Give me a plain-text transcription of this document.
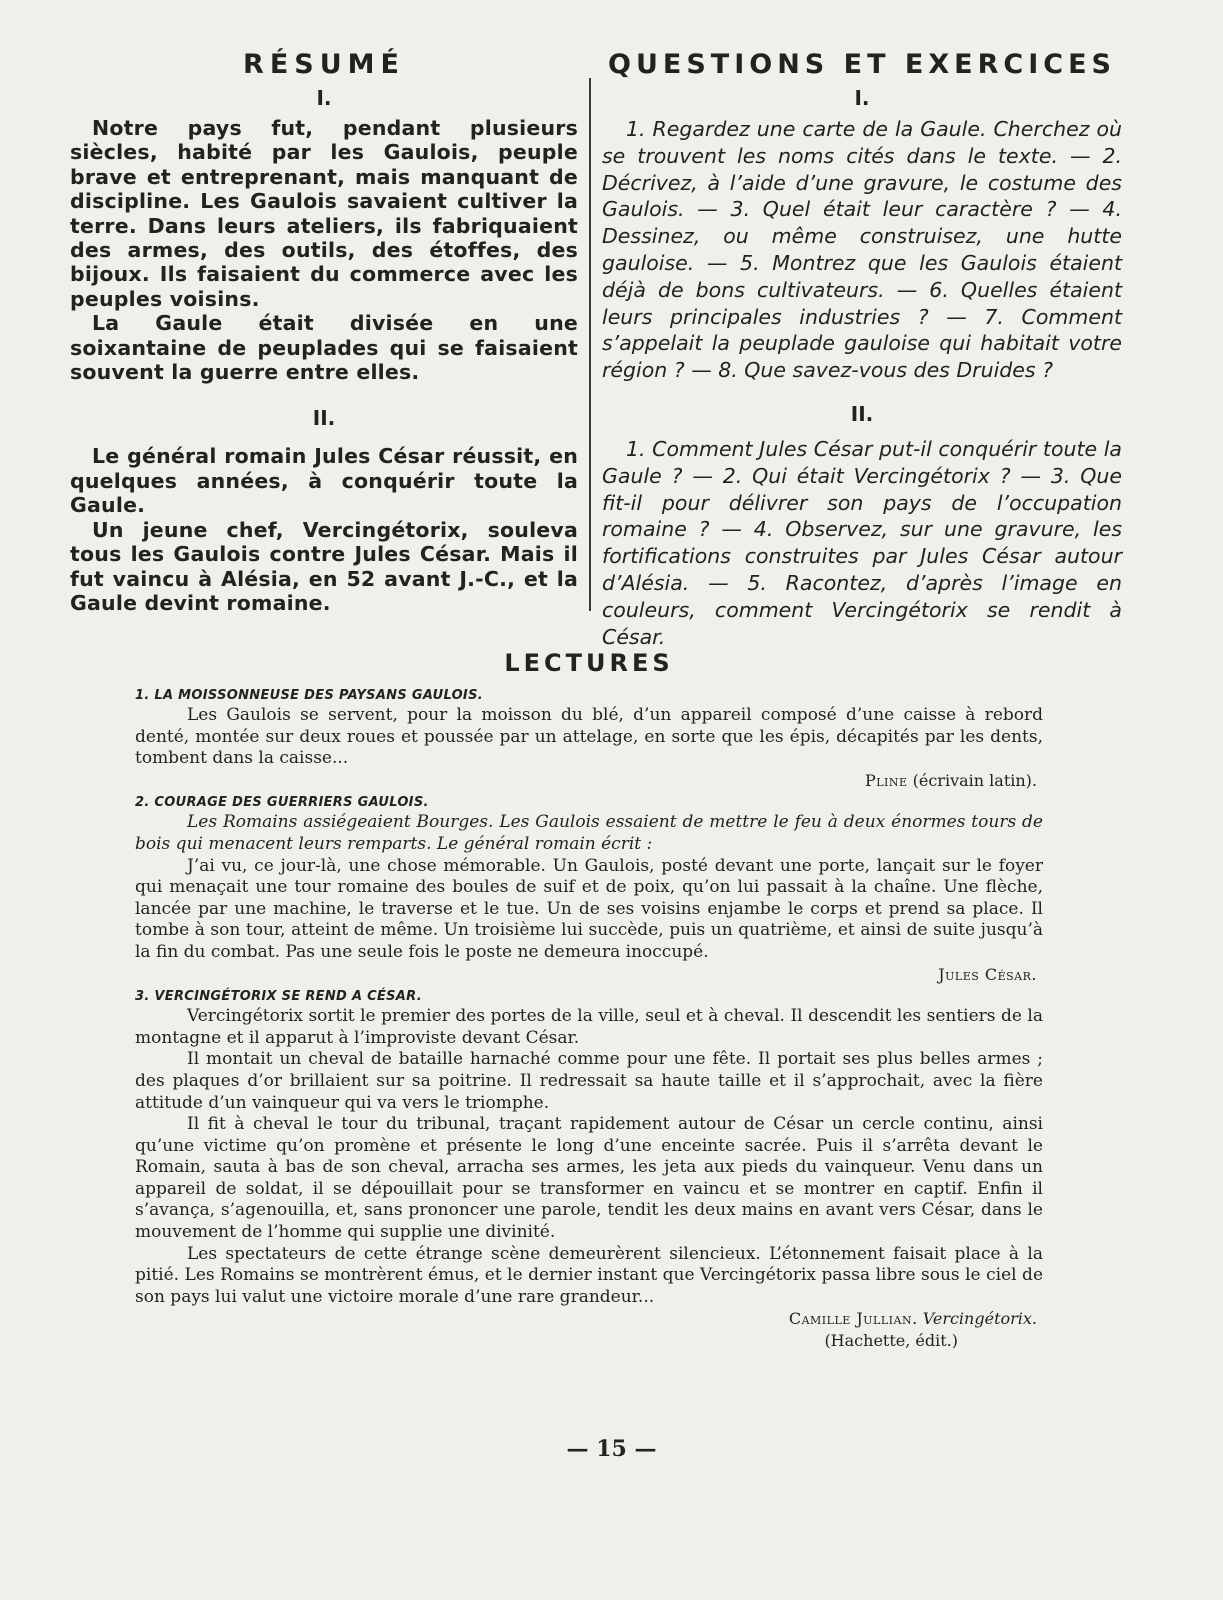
RÉSUMÉ
I.

Notre pays fut, pendant plusieurs siècles, habité par les Gaulois, peuple brave et entreprenant, mais manquant de discipline. Les Gaulois savaient cultiver la terre. Dans leurs ateliers, ils fabriquaient des armes, des outils, des étoffes, des bijoux. Ils faisaient du commerce avec les peuples voisins.

La Gaule était divisée en une soixantaine de peuplades qui se faisaient souvent la guerre entre elles.

II.

Le général romain Jules César réussit, en quelques années, à conquérir toute la Gaule.

Un jeune chef, Vercingétorix, souleva tous les Gaulois contre Jules César. Mais il fut vaincu à Alésia, en 52 avant J.-C., et la Gaule devint romaine.

QUESTIONS ET EXERCICES
I.

1. Regardez une carte de la Gaule. Cherchez où se trouvent les noms cités dans le texte. — 2. Décrivez, à l’aide d’une gravure, le costume des Gaulois. — 3. Quel était leur caractère ? — 4. Dessinez, ou même construisez, une hutte gauloise. — 5. Montrez que les Gaulois étaient déjà de bons cultivateurs. — 6. Quelles étaient leurs principales industries ? — 7. Comment s’appelait la peuplade gauloise qui habitait votre région ? — 8. Que savez-vous des Druides ?

II.

1. Comment Jules César put-il conquérir toute la Gaule ? — 2. Qui était Vercingétorix ? — 3. Que fit-il pour délivrer son pays de l’occupation romaine ? — 4. Observez, sur une gravure, les fortifications construites par Jules César autour d’Alésia. — 5. Racontez, d’après l’image en couleurs, comment Vercingétorix se rendit à César.

LECTURES
1. LA MOISSONNEUSE DES PAYSANS GAULOIS.

Les Gaulois se servent, pour la moisson du blé, d’un appareil composé d’une caisse à rebord denté, montée sur deux roues et poussée par un attelage, en sorte que les épis, décapités par les dents, tombent dans la caisse...

Pline (écrivain latin).

2. COURAGE DES GUERRIERS GAULOIS.

Les Romains assiégeaient Bourges. Les Gaulois essaient de mettre le feu à deux énormes tours de bois qui menacent leurs remparts. Le général romain écrit :

J’ai vu, ce jour-là, une chose mémorable. Un Gaulois, posté devant une porte, lançait sur le foyer qui menaçait une tour romaine des boules de suif et de poix, qu’on lui passait à la chaîne. Une flèche, lancée par une machine, le traverse et le tue. Un de ses voisins enjambe le corps et prend sa place. Il tombe à son tour, atteint de même. Un troisième lui succède, puis un quatrième, et ainsi de suite jusqu’à la fin du combat. Pas une seule fois le poste ne demeura inoccupé.

Jules César.

3. VERCINGÉTORIX SE REND A CÉSAR.

Vercingétorix sortit le premier des portes de la ville, seul et à cheval. Il descendit les sentiers de la montagne et il apparut à l’improviste devant César.

Il montait un cheval de bataille harnaché comme pour une fête. Il portait ses plus belles armes ; des plaques d’or brillaient sur sa poitrine. Il redressait sa haute taille et il s’approchait, avec la fière attitude d’un vainqueur qui va vers le triomphe.

Il fit à cheval le tour du tribunal, traçant rapidement autour de César un cercle continu, ainsi qu’une victime qu’on promène et présente le long d’une enceinte sacrée. Puis il s’arrêta devant le Romain, sauta à bas de son cheval, arracha ses armes, les jeta aux pieds du vainqueur. Venu dans un appareil de soldat, il se dépouillait pour se transformer en vaincu et se montrer en captif. Enfin il s’avança, s’agenouilla, et, sans prononcer une parole, tendit les deux mains en avant vers César, dans le mouvement de l’homme qui supplie une divinité.

Les spectateurs de cette étrange scène demeurèrent silencieux. L’étonnement faisait place à la pitié. Les Romains se montrèrent émus, et le dernier instant que Vercingétorix passa libre sous le ciel de son pays lui valut une victoire morale d’une rare grandeur...

Camille Jullian. Vercingétorix.

(Hachette, édit.)

— 15 —
